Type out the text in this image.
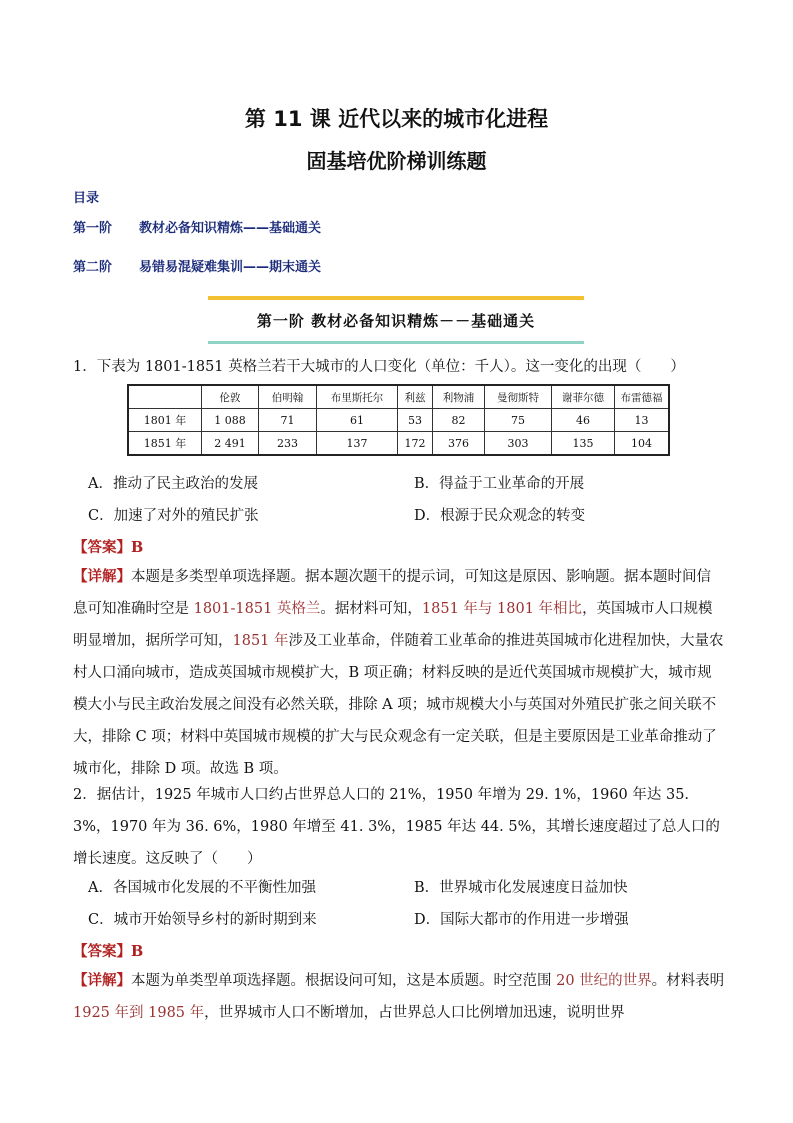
第 11 课 近代以来的城市化进程
固基培优阶梯训练题
目录
第一阶 教材必备知识精炼——基础通关
第二阶 易错易混疑难集训——期末通关
第一阶 教材必备知识精炼－－基础通关
1．下表为 1801-1851 英格兰若干大城市的人口变化（单位：千人）。这一变化的出现（　　）
	伦敦	伯明翰	布里斯托尔	利兹	利物浦	曼彻斯特	谢菲尔德	布雷德福
1801 年	1 088	71	61	53	82	75	46	13
1851 年	2 491	233	137	172	376	303	135	104
A．推动了民主政治的发展	B．得益于工业革命的开展
C．加速了对外的殖民扩张	D．根源于民众观念的转变
【答案】B
【详解】本题是多类型单项选择题。据本题次题干的提示词，可知这是原因、影响题。据本题时间信息可知准确时空是 1801-1851 英格兰。据材料可知，1851 年与 1801 年相比，英国城市人口规模明显增加，据所学可知，1851 年涉及工业革命，伴随着工业革命的推进英国城市化进程加快，大量农村人口涌向城市，造成英国城市规模扩大，B 项正确；材料反映的是近代英国城市规模扩大，城市规模大小与民主政治发展之间没有必然关联，排除 A 项；城市规模大小与英国对外殖民扩张之间关联不大，排除 C 项；材料中英国城市规模的扩大与民众观念有一定关联，但是主要原因是工业革命推动了城市化，排除 D 项。故选 B 项。
2．据估计，1925 年城市人口约占世界总人口的 21%，1950 年增为 29. 1%，1960 年达 35. 3%，1970 年为 36. 6%，1980 年增至 41. 3%，1985 年达 44. 5%，其增长速度超过了总人口的增长速度。这反映了（　　）
A．各国城市化发展的不平衡性加强	B．世界城市化发展速度日益加快
C．城市开始领导乡村的新时期到来	D．国际大都市的作用进一步增强
【答案】B
【详解】本题为单类型单项选择题。根据设问可知，这是本质题。时空范围 20 世纪的世界。材料表明 1925 年到 1985 年，世界城市人口不断增加，占世界总人口比例增加迅速，说明世界
